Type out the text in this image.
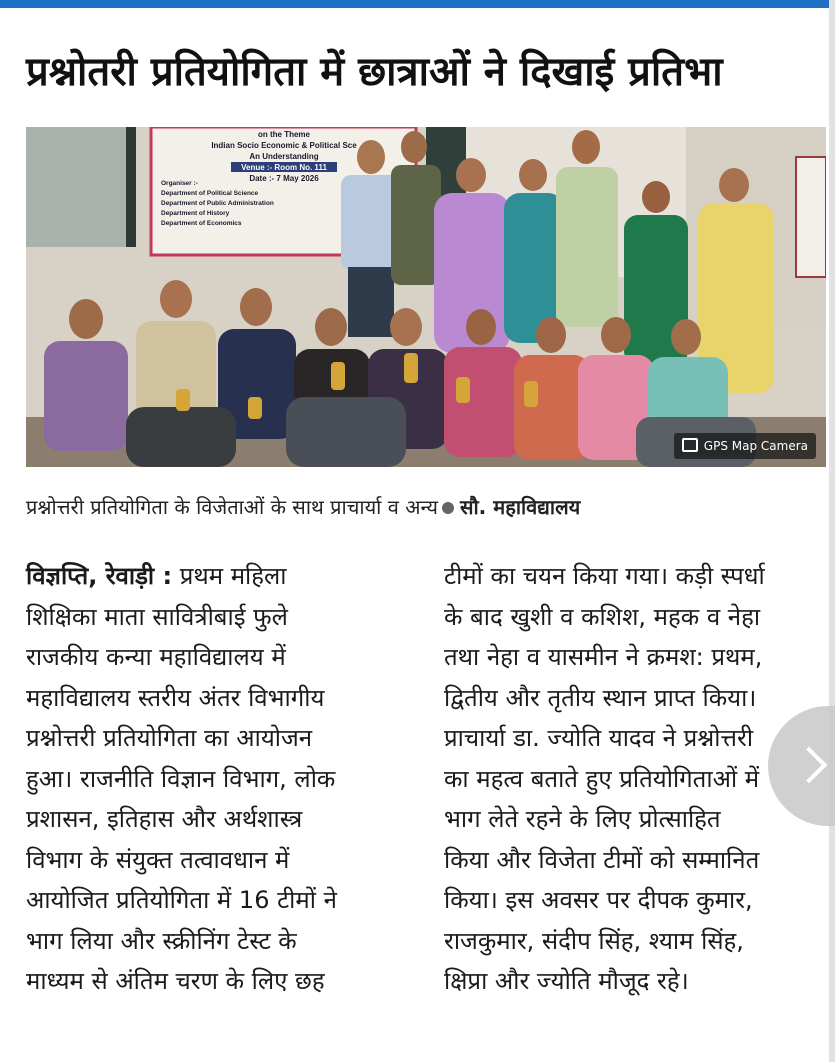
प्रश्नोतरी प्रतियोगिता में छात्राओं ने दिखाई प्रतिभा
on the Theme
Indian Socio Economic & Political Sce
An Understanding
Venue :- Room No. 111
Date :- 7 May 2026
Organiser :-
Department of Political Science
Department of Public Administration
Department of History
Department of Economics
GPS Map Camera
प्रश्नोत्तरी प्रतियोगिता के विजेताओं के साथ प्राचार्या व अन्य सौ. महाविद्यालय
विज्ञप्ति, रेवाड़ी : प्रथम महिला
शिक्षिका माता सावित्रीबाई फुले
राजकीय कन्या महाविद्यालय में
महाविद्यालय स्तरीय अंतर विभागीय
प्रश्नोत्तरी प्रतियोगिता का आयोजन
हुआ। राजनीति विज्ञान विभाग, लोक
प्रशासन, इतिहास और अर्थशास्त्र
विभाग के संयुक्त तत्वावधान में
आयोजित प्रतियोगिता में 16 टीमों ने
भाग लिया और स्क्रीनिंग टेस्ट के
माध्यम से अंतिम चरण के लिए छह
टीमों का चयन किया गया। कड़ी स्पर्धा
के बाद खुशी व कशिश, महक व नेहा
तथा नेहा व यासमीन ने क्रमश: प्रथम,
द्वितीय और तृतीय स्थान प्राप्त किया।
प्राचार्या डा. ज्योति यादव ने प्रश्नोत्तरी
का महत्व बताते हुए प्रतियोगिताओं में
भाग लेते रहने के लिए प्रोत्साहित
किया और विजेता टीमों को सम्मानित
किया। इस अवसर पर दीपक कुमार,
राजकुमार, संदीप सिंह, श्याम सिंह,
क्षिप्रा और ज्योति मौजूद रहे।
